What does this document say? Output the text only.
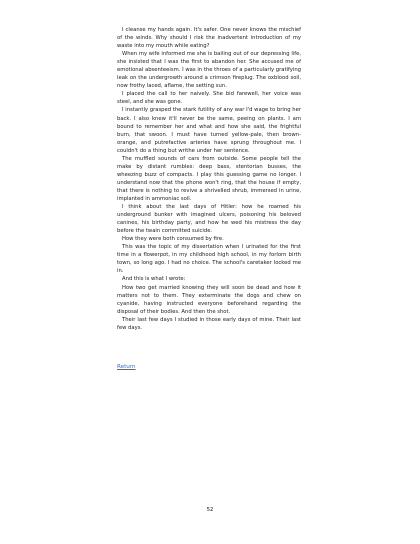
I cleanse my hands again. It's safer. One never knows the mischief of the winds. Why should I risk the inadvertent introduction of my waste into my mouth while eating?

When my wife informed me she is bailing out of our depressing life, she insisted that I was the first to abandon her. She accused me of emotional absenteeism. I was in the throes of a particularly gratifying leak on the undergrowth around a crimson fireplug. The oxblood soil, now frothy laced, aflame, the setting sun.

I placed the call to her naively. She bid farewell, her voice was steel, and she was gone.

I instantly grasped the stark futility of any war I'd wage to bring her back. I also knew it'll never be the same, peeing on plants. I am bound to remember her and what and how she said, the frightful burn, that swoon. I must have turned yellow-pale, then brown-orange, and putrefactive arteries have sprung throughout me. I couldn't do a thing but writhe under her sentence.

The muffled sounds of cars from outside. Some people tell the make by distant rumbles: deep bass, stentorian busses, the wheezing buzz of compacts. I play this guessing game no longer. I understand now that the phone won't ring, that the house if empty, that there is nothing to revive a shrivelled shrub, immersed in urine, implanted in ammoniac soil.

I think about the last days of Hitler: how he roamed his underground bunker with imagined ulcers, poisoning his beloved canines, his birthday party, and how he wed his mistress the day before the twain committed suicide.

How they were both consumed by fire.

This was the topic of my dissertation when I urinated for the first time in a flowerpot, in my childhood high school, in my forlorn birth town, so long ago. I had no choice. The school's caretaker locked me in.

And this is what I wrote:

How two get married knowing they will soon be dead and how it matters not to them. They exterminate the dogs and chew on cyanide, having instructed everyone beforehand regarding the disposal of their bodies. And then the shot.

Their last few days I studied in those early days of mine. Their last few days.

Return
52
